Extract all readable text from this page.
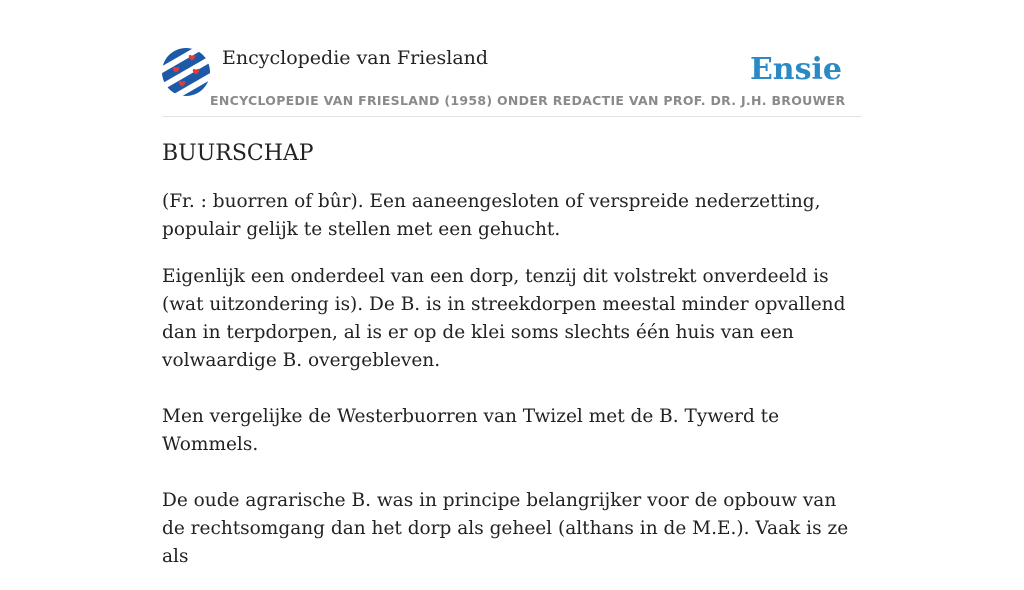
Encyclopedie van Friesland	Ensie
ENCYCLOPEDIE VAN FRIESLAND (1958) ONDER REDACTIE VAN PROF. DR. J.H. BROUWER
BUURSCHAP

(Fr. : buorren of bûr). Een aaneengesloten of verspreide nederzetting, populair gelijk te stellen met een gehucht.

Eigenlijk een onderdeel van een dorp, tenzij dit volstrekt onverdeeld is (wat uitzondering is). De B. is in streekdorpen meestal minder opvallend dan in terpdorpen, al is er op de klei soms slechts één huis van een volwaardige B. overgebleven.

Men vergelijke de Westerbuorren van Twizel met de B. Tywerd te Wommels.

De oude agrarische B. was in principe belangrijker voor de opbouw van de rechtsomgang dan het dorp als geheel (althans in de M.E.). Vaak is ze als
